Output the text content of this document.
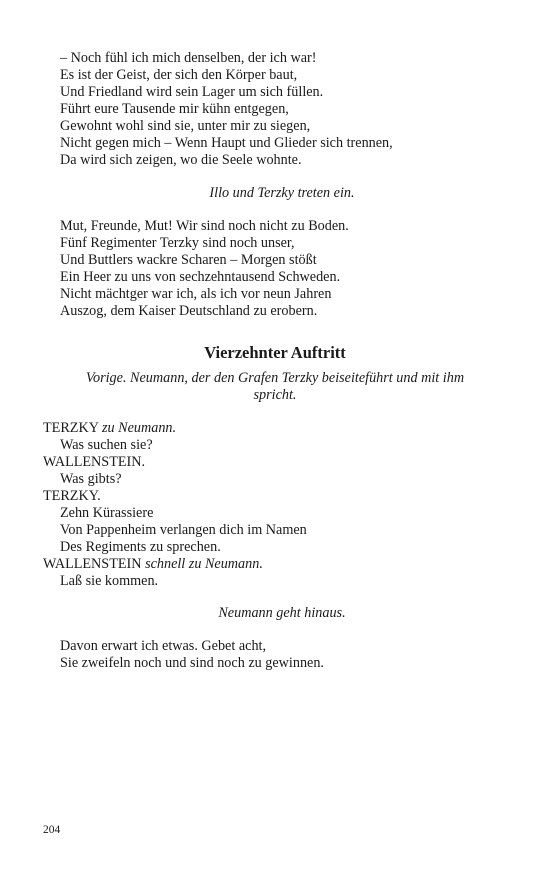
– Noch fühl ich mich denselben, der ich war!
Es ist der Geist, der sich den Körper baut,
Und Friedland wird sein Lager um sich füllen.
Führt eure Tausende mir kühn entgegen,
Gewohnt wohl sind sie, unter mir zu siegen,
Nicht gegen mich – Wenn Haupt und Glieder sich trennen,
Da wird sich zeigen, wo die Seele wohnte.
Illo und Terzky treten ein.
Mut, Freunde, Mut! Wir sind noch nicht zu Boden.
Fünf Regimenter Terzky sind noch unser,
Und Buttlers wackre Scharen – Morgen stößt
Ein Heer zu uns von sechzehntausend Schweden.
Nicht mächtger war ich, als ich vor neun Jahren
Auszog, dem Kaiser Deutschland zu erobern.
Vierzehnter Auftritt
Vorige. Neumann, der den Grafen Terzky beiseiteführt und mit ihm
spricht.
TERZKY zu Neumann.
Was suchen sie?
WALLENSTEIN.
Was gibts?
TERZKY.
Zehn Kürassiere
Von Pappenheim verlangen dich im Namen
Des Regiments zu sprechen.
WALLENSTEIN schnell zu Neumann.
Laß sie kommen.
Neumann geht hinaus.
Davon erwart ich etwas. Gebet acht,
Sie zweifeln noch und sind noch zu gewinnen.
204
